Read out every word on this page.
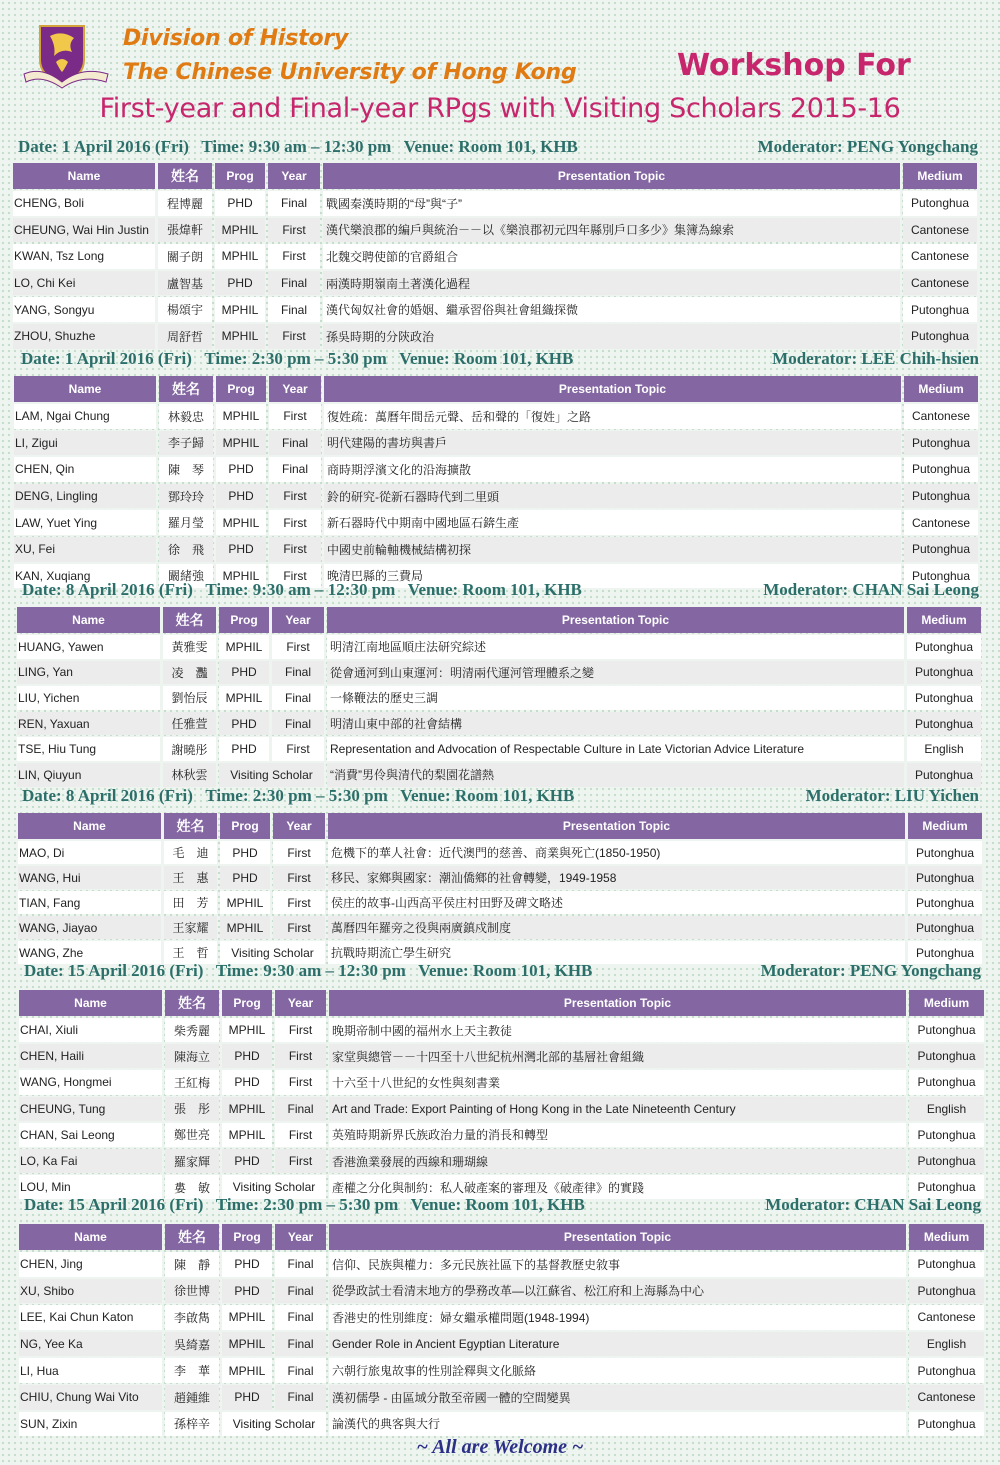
Division of History
The Chinese University of Hong Kong	Workshop For
First-year and Final-year RPgs with Visiting Scholars 2015-16
Date: 1 April 2016 (Fri) Time: 9:30 am – 12:30 pm Venue: Room 101, KHB	Moderator: PENG Yongchang
Name	姓名	Prog	Year	Presentation Topic	Medium

CHENG, Boli	程博麗	PHD	Final	戰國秦漢時期的“母”與“子”	Putonghua

CHEUNG, Wai Hin Justin	張煒軒	MPHIL	First	漢代樂浪郡的編戶與統治－－以《樂浪郡初元四年縣別戶口多少》集簿為線索	Cantonese

KWAN, Tsz Long	關子朗	MPHIL	First	北魏交聘使節的官爵組合	Cantonese

LO, Chi Kei	盧智基	PHD	Final	兩漢時期嶺南土著漢化過程	Cantonese

YANG, Songyu	楊頌宇	MPHIL	Final	漢代匈奴社會的婚姻、繼承習俗與社會組織探微	Putonghua

ZHOU, Shuzhe	周舒哲	MPHIL	First	孫吳時期的分陝政治	Putonghua

Date: 1 April 2016 (Fri) Time: 2:30 pm – 5:30 pm Venue: Room 101, KHB	Moderator: LEE Chih-hsien
Name	姓名	Prog	Year	Presentation Topic	Medium

LAM, Ngai Chung	林毅忠	MPHIL	First	復姓疏：萬曆年間岳元聲、岳和聲的「復姓」之路	Cantonese

LI, Zigui	李子歸	MPHIL	Final	明代建陽的書坊與書戶	Putonghua

CHEN, Qin	陳　琴	PHD	Final	商時期浮濱文化的沿海擴散	Putonghua

DENG, Lingling	鄧玲玲	PHD	First	鈴的研究-從新石器時代到二里頭	Putonghua

LAW, Yuet Ying	羅月瑩	MPHIL	First	新石器時代中期南中國地區石錛生產	Cantonese

XU, Fei	徐　飛	PHD	First	中國史前輪軸機械結構初探	Putonghua

KAN, Xuqiang	闞緒強	MPHIL	First	晚清巴縣的三費局	Putonghua

Date: 8 April 2016 (Fri) Time: 9:30 am – 12:30 pm Venue: Room 101, KHB	Moderator: CHAN Sai Leong
Name	姓名	Prog	Year	Presentation Topic	Medium

HUANG, Yawen	黃雅雯	MPHIL	First	明清江南地區順庄法研究綜述	Putonghua

LING, Yan	凌　灩	PHD	Final	從會通河到山東運河：明清兩代運河管理體系之變	Putonghua

LIU, Yichen	劉怡辰	MPHIL	Final	一條鞭法的歷史三調	Putonghua

REN, Yaxuan	任雅萱	PHD	Final	明清山東中部的社會結構	Putonghua

TSE, Hiu Tung	謝曉彤	PHD	First	Representation and Advocation of Respectable Culture in Late Victorian Advice Literature	English

LIN, Qiuyun	林秋雲	Visiting Scholar		“消費”男伶與清代的梨園花譜熱	Putonghua

Date: 8 April 2016 (Fri) Time: 2:30 pm – 5:30 pm Venue: Room 101, KHB	Moderator: LIU Yichen
Name	姓名	Prog	Year	Presentation Topic	Medium

MAO, Di	毛　迪	PHD	First	危機下的華人社會：近代澳門的慈善、商業與死亡(1850-1950)	Putonghua

WANG, Hui	王　惠	PHD	First	移民、家鄉與國家：潮汕僑鄉的社會轉變，1949-1958	Putonghua

TIAN, Fang	田　芳	MPHIL	First	侯庄的故事-山西高平侯庄村田野及碑文略述	Putonghua

WANG, Jiayao	王家耀	MPHIL	First	萬曆四年羅旁之役與兩廣鎮戍制度	Putonghua

WANG, Zhe	王　哲	Visiting Scholar		抗戰時期流亡學生研究	Putonghua

Date: 15 April 2016 (Fri) Time: 9:30 am – 12:30 pm Venue: Room 101, KHB	Moderator: PENG Yongchang
Name	姓名	Prog	Year	Presentation Topic	Medium

CHAI, Xiuli	柴秀麗	MPHIL	First	晚期帝制中國的福州水上天主教徒	Putonghua

CHEN, Haili	陳海立	PHD	First	家堂與總管－－十四至十八世紀杭州灣北部的基層社會組織	Putonghua

WANG, Hongmei	王紅梅	PHD	First	十六至十八世紀的女性與刻書業	Putonghua

CHEUNG, Tung	張　彤	MPHIL	Final	Art and Trade: Export Painting of Hong Kong in the Late Nineteenth Century	English

CHAN, Sai Leong	鄭世亮	MPHIL	First	英殖時期新界氏族政治力量的消長和轉型	Putonghua

LO, Ka Fai	羅家輝	PHD	First	香港漁業發展的西線和珊瑚線	Putonghua

LOU, Min	婁　敏	Visiting Scholar		產權之分化與制約：私人破產案的審理及《破產律》的實踐	Putonghua

Date: 15 April 2016 (Fri) Time: 2:30 pm – 5:30 pm Venue: Room 101, KHB	Moderator: CHAN Sai Leong
Name	姓名	Prog	Year	Presentation Topic	Medium

CHEN, Jing	陳　靜	PHD	Final	信仰、民族與權力：多元民族社區下的基督教歷史敘事	Putonghua

XU, Shibo	徐世博	PHD	Final	從學政試士看清末地方的學務改革—以江蘇省、松江府和上海縣為中心	Putonghua

LEE, Kai Chun Katon	李啟雋	MPHIL	Final	香港史的性別維度：婦女繼承權問題(1948-1994)	Cantonese

NG, Yee Ka	吳綺嘉	MPHIL	Final	Gender Role in Ancient Egyptian Literature	English

LI, Hua	李　華	MPHIL	Final	六朝行旅鬼故事的性別詮釋與文化脈絡	Putonghua

CHIU, Chung Wai Vito	趙鍾維	PHD	Final	漢初儒學 - 由區域分散至帝國一體的空間變異	Cantonese

SUN, Zixin	孫梓辛	Visiting Scholar		論漢代的典客與大行	Putonghua

~ All are Welcome ~
